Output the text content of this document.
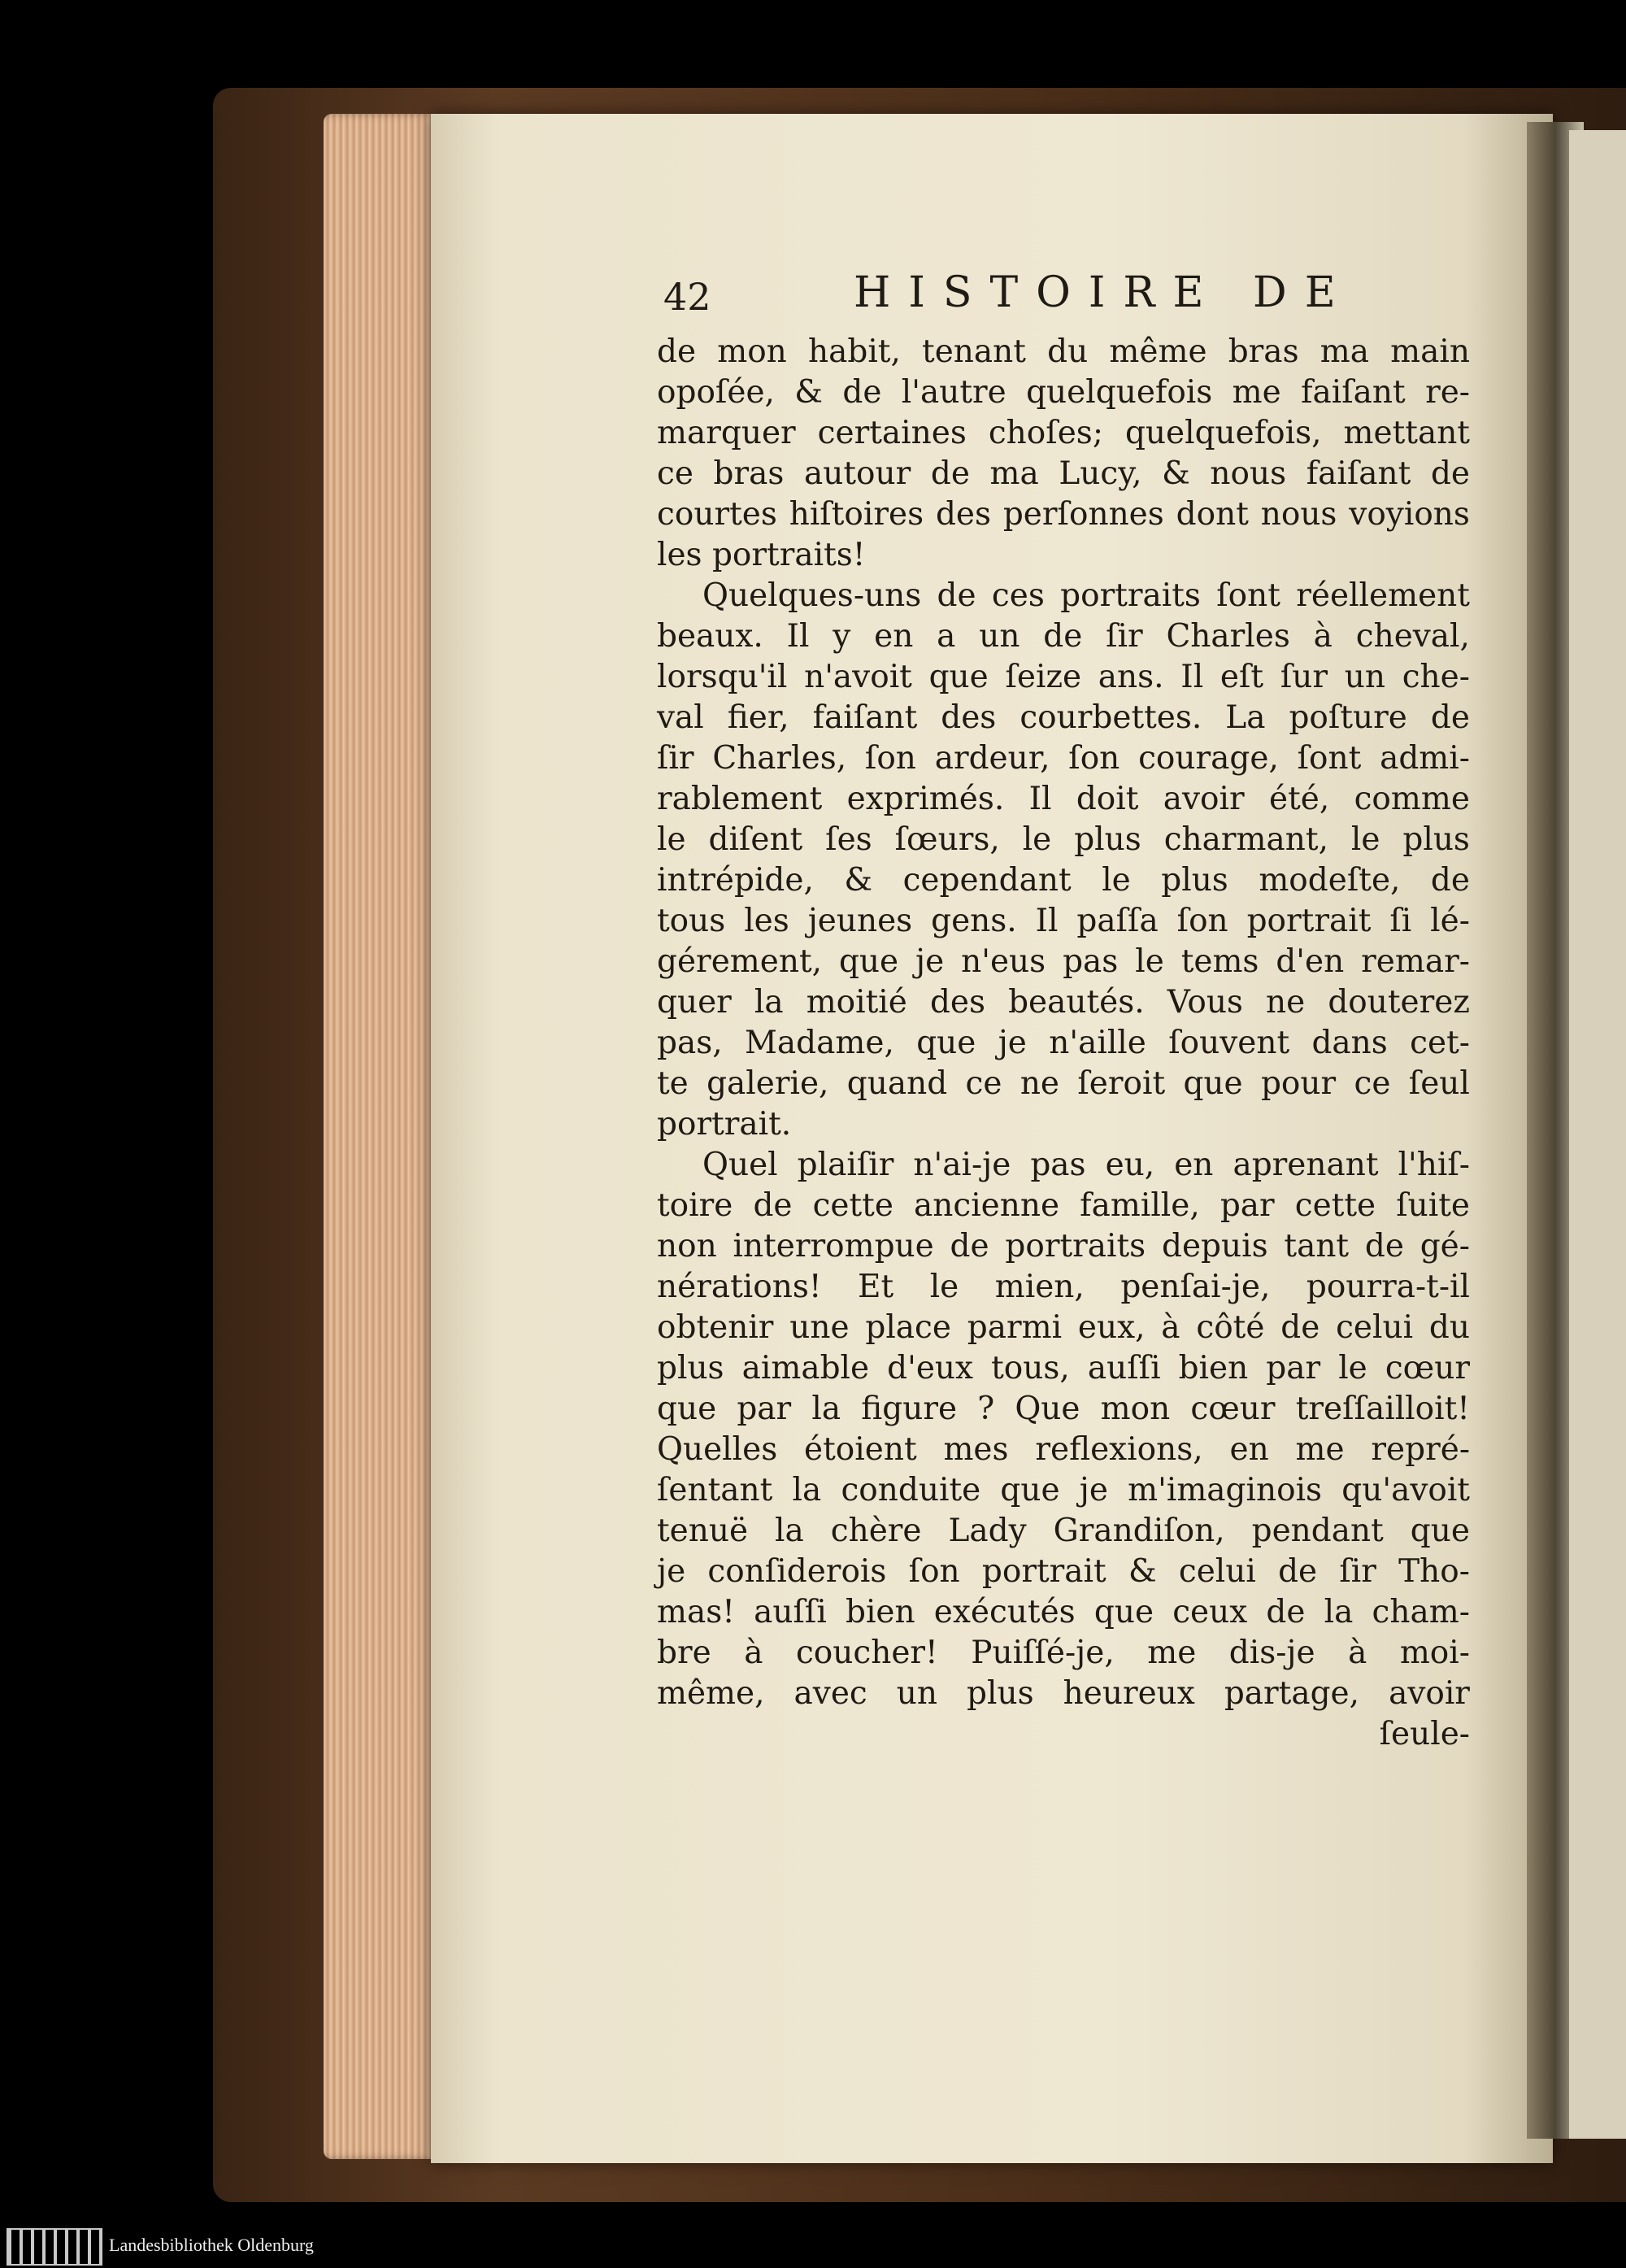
42	HISTOIRE DE
de mon habit, tenant du même bras ma main
opoſée, & de l'autre quelquefois me faiſant re-
marquer certaines choſes; quelquefois, mettant
ce bras autour de ma Lucy, & nous faiſant de
courtes hiſtoires des perſonnes dont nous voyions
les portraits!
Quelques-uns de ces portraits ſont réellement
beaux. Il y en a un de ſir Charles à cheval,
lorsqu'il n'avoit que ſeize ans. Il eſt ſur un che-
val fier, faiſant des courbettes. La poſture de
ſir Charles, ſon ardeur, ſon courage, ſont admi-
rablement exprimés. Il doit avoir été, comme
le diſent ſes ſœurs, le plus charmant, le plus
intrépide, & cependant le plus modeſte, de
tous les jeunes gens. Il paſſa ſon portrait ſi lé-
gérement, que je n'eus pas le tems d'en remar-
quer la moitié des beautés. Vous ne douterez
pas, Madame, que je n'aille ſouvent dans cet-
te galerie, quand ce ne ſeroit que pour ce ſeul
portrait.
Quel plaiſir n'ai-je pas eu, en aprenant l'hiſ-
toire de cette ancienne famille, par cette ſuite
non interrompue de portraits depuis tant de gé-
nérations! Et le mien, penſai-je, pourra-t-il
obtenir une place parmi eux, à côté de celui du
plus aimable d'eux tous, auſſi bien par le cœur
que par la figure ? Que mon cœur treſſailloit!
Quelles étoient mes reflexions, en me repré-
ſentant la conduite que je m'imaginois qu'avoit
tenuë la chère Lady Grandiſon, pendant que
je conſiderois ſon portrait & celui de ſir Tho-
mas! auſſi bien exécutés que ceux de la cham-
bre à coucher! Puiſſé-je, me dis-je à moi-
même, avec un plus heureux partage, avoir
ſeule-
Landesbibliothek Oldenburg
